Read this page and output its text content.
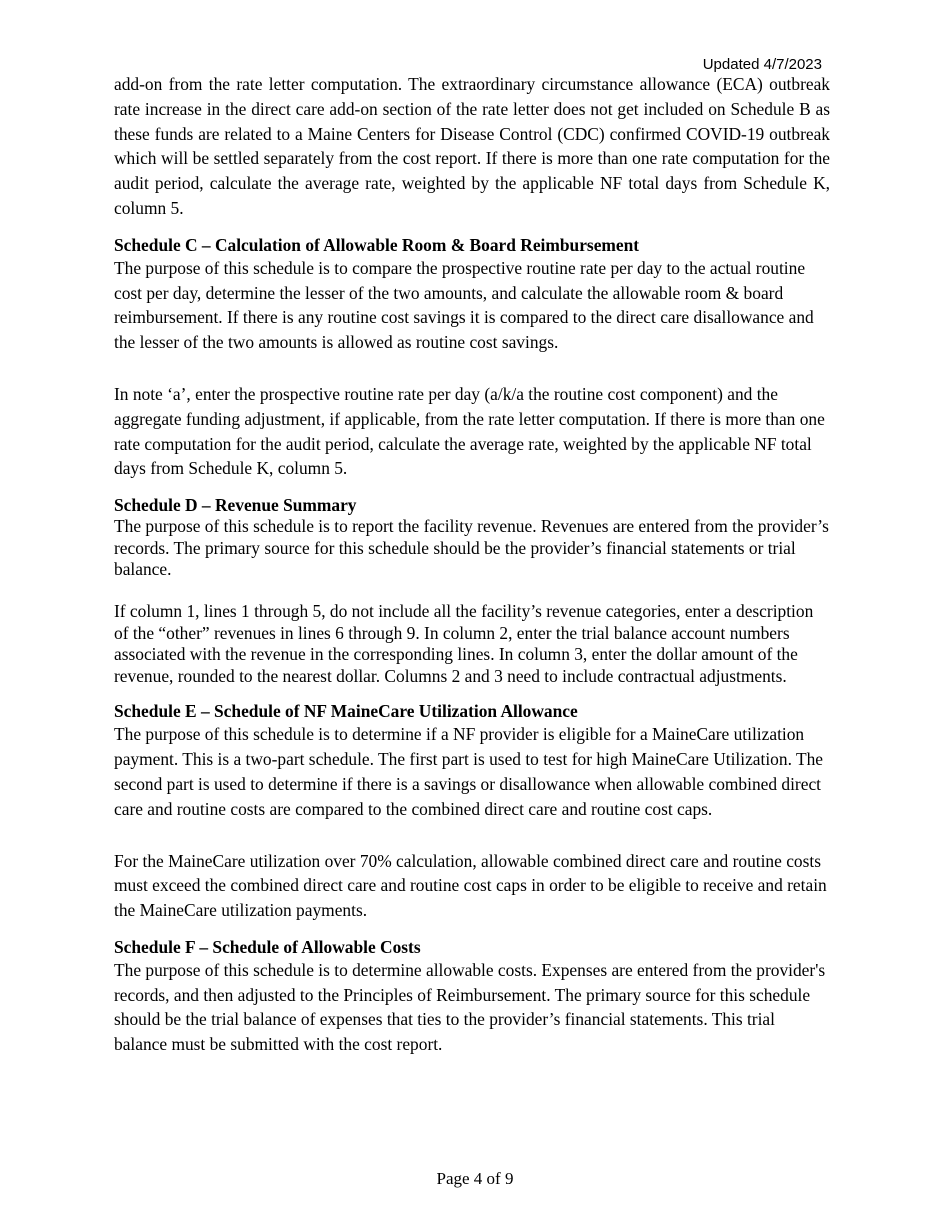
Updated 4/7/2023

add-on from the rate letter computation. The extraordinary circumstance allowance (ECA) outbreak rate increase in the direct care add-on section of the rate letter does not get included on Schedule B as these funds are related to a Maine Centers for Disease Control (CDC) confirmed COVID-19 outbreak which will be settled separately from the cost report. If there is more than one rate computation for the audit period, calculate the average rate, weighted by the applicable NF total days from Schedule K, column 5.

Schedule C – Calculation of Allowable Room & Board Reimbursement

The purpose of this schedule is to compare the prospective routine rate per day to the actual routine cost per day, determine the lesser of the two amounts, and calculate the allowable room & board reimbursement. If there is any routine cost savings it is compared to the direct care disallowance and the lesser of the two amounts is allowed as routine cost savings.

In note ‘a’, enter the prospective routine rate per day (a/k/a the routine cost component) and the aggregate funding adjustment, if applicable, from the rate letter computation. If there is more than one rate computation for the audit period, calculate the average rate, weighted by the applicable NF total days from Schedule K, column 5.

Schedule D – Revenue Summary

The purpose of this schedule is to report the facility revenue. Revenues are entered from the provider’s records. The primary source for this schedule should be the provider’s financial statements or trial balance.

If column 1, lines 1 through 5, do not include all the facility’s revenue categories, enter a description of the “other” revenues in lines 6 through 9. In column 2, enter the trial balance account numbers associated with the revenue in the corresponding lines. In column 3, enter the dollar amount of the revenue, rounded to the nearest dollar. Columns 2 and 3 need to include contractual adjustments.

Schedule E – Schedule of NF MaineCare Utilization Allowance

The purpose of this schedule is to determine if a NF provider is eligible for a MaineCare utilization payment. This is a two-part schedule. The first part is used to test for high MaineCare Utilization. The second part is used to determine if there is a savings or disallowance when allowable combined direct care and routine costs are compared to the combined direct care and routine cost caps.

For the MaineCare utilization over 70% calculation, allowable combined direct care and routine costs must exceed the combined direct care and routine cost caps in order to be eligible to receive and retain the MaineCare utilization payments.

Schedule F – Schedule of Allowable Costs

The purpose of this schedule is to determine allowable costs. Expenses are entered from the provider's records, and then adjusted to the Principles of Reimbursement. The primary source for this schedule should be the trial balance of expenses that ties to the provider’s financial statements. This trial balance must be submitted with the cost report.

Page 4 of 9
